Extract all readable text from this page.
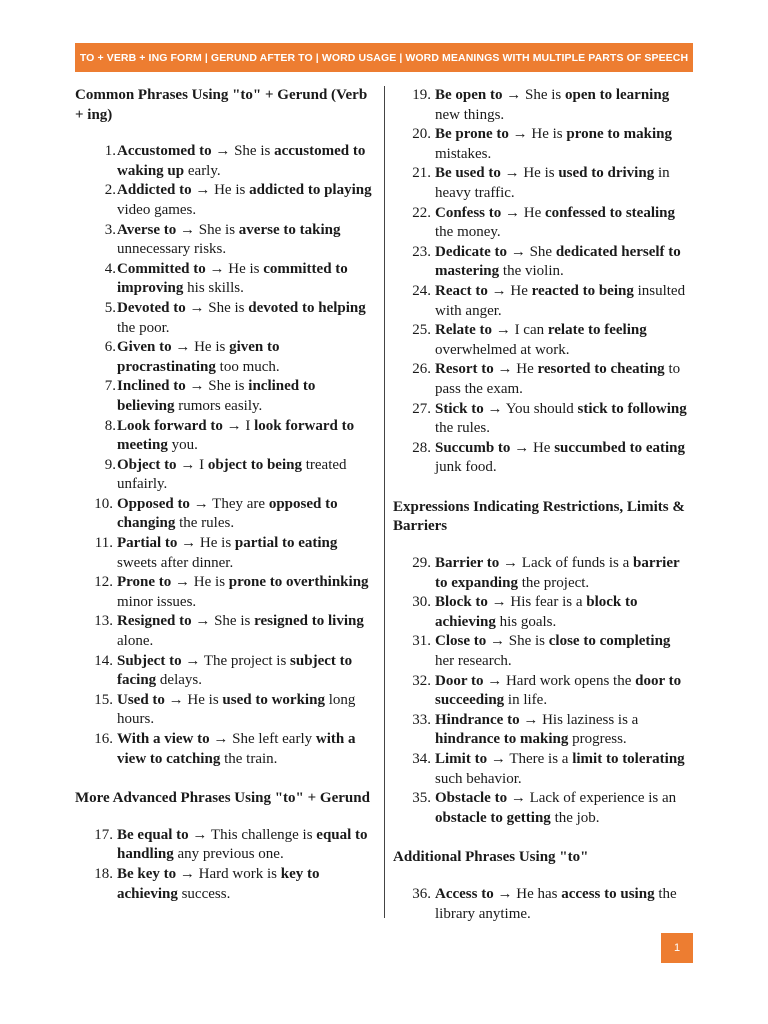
TO + VERB + ING FORM | GERUND AFTER TO | WORD USAGE | WORD MEANINGS WITH MULTIPLE PARTS OF SPEECH

Common Phrases Using "to" + Gerund (Verb + ing)

1. Accustomed to → She is accustomed to waking up early.
2. Addicted to → He is addicted to playing video games.
3. Averse to → She is averse to taking unnecessary risks.
4. Committed to → He is committed to improving his skills.
5. Devoted to → She is devoted to helping the poor.
6. Given to → He is given to procrastinating too much.
7. Inclined to → She is inclined to believing rumors easily.
8. Look forward to → I look forward to meeting you.
9. Object to → I object to being treated unfairly.
10. Opposed to → They are opposed to changing the rules.
11. Partial to → He is partial to eating sweets after dinner.
12. Prone to → He is prone to overthinking minor issues.
13. Resigned to → She is resigned to living alone.
14. Subject to → The project is subject to facing delays.
15. Used to → He is used to working long hours.
16. With a view to → She left early with a view to catching the train.

More Advanced Phrases Using "to" + Gerund

17. Be equal to → This challenge is equal to handling any previous one.
18. Be key to → Hard work is key to achieving success.
19. Be open to → She is open to learning new things.
20. Be prone to → He is prone to making mistakes.
21. Be used to → He is used to driving in heavy traffic.
22. Confess to → He confessed to stealing the money.
23. Dedicate to → She dedicated herself to mastering the violin.
24. React to → He reacted to being insulted with anger.
25. Relate to → I can relate to feeling overwhelmed at work.
26. Resort to → He resorted to cheating to pass the exam.
27. Stick to → You should stick to following the rules.
28. Succumb to → He succumbed to eating junk food.

Expressions Indicating Restrictions, Limits & Barriers

29. Barrier to → Lack of funds is a barrier to expanding the project.
30. Block to → His fear is a block to achieving his goals.
31. Close to → She is close to completing her research.
32. Door to → Hard work opens the door to succeeding in life.
33. Hindrance to → His laziness is a hindrance to making progress.
34. Limit to → There is a limit to tolerating such behavior.
35. Obstacle to → Lack of experience is an obstacle to getting the job.

Additional Phrases Using "to"

36. Access to → He has access to using the library anytime.
1
